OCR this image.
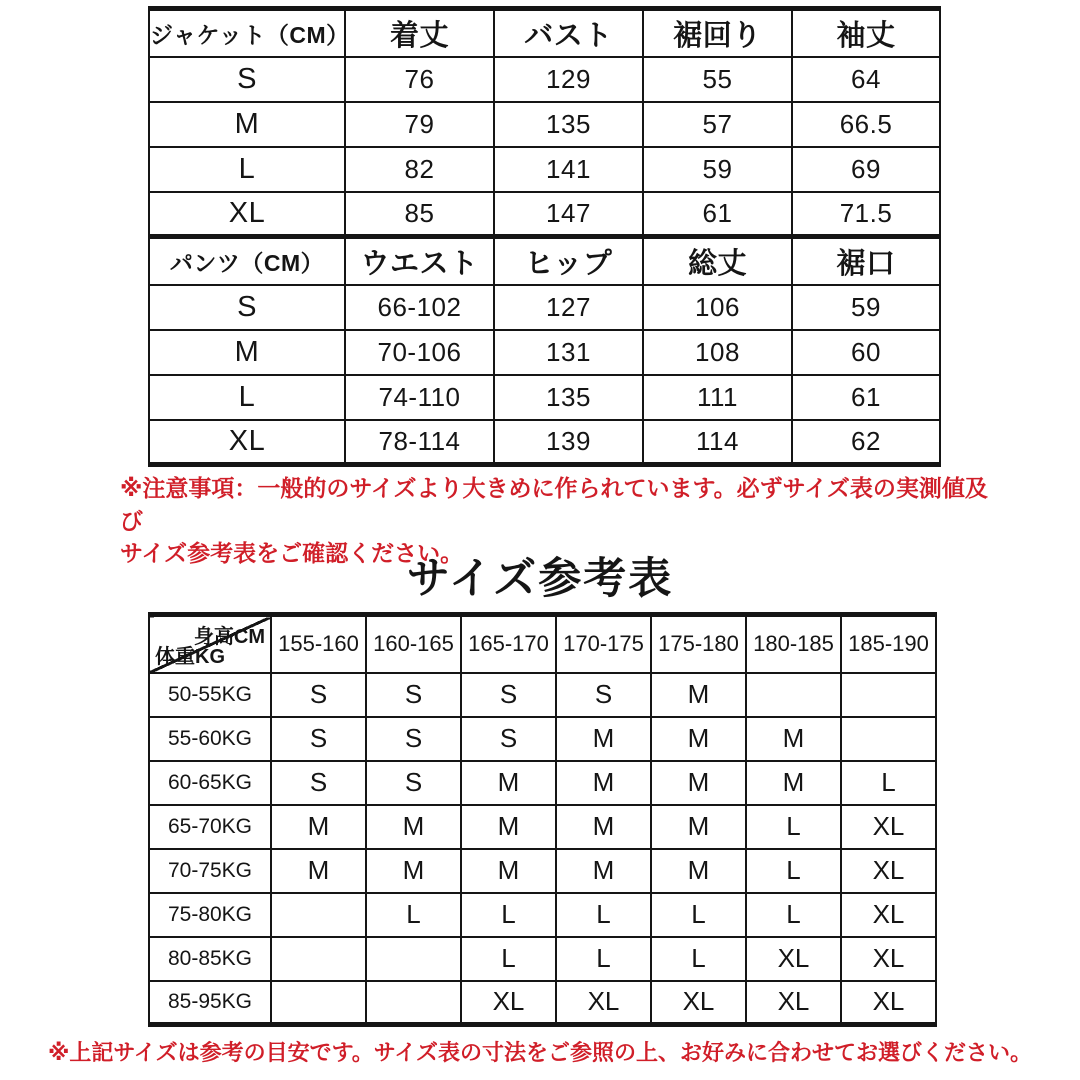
ジャケット（CM）	着丈	バスト	裾回り	袖丈
S	76	129	55	64
M	79	135	57	66.5
L	82	141	59	69
XL	85	147	61	71.5
パンツ（CM）	ウエスト	ヒップ	総丈	裾口
S	66-102	127	106	59
M	70-106	131	108	60
L	74-110	135	111	61
XL	78-114	139	114	62
※注意事項：一般的のサイズより大きめに作られています。必ずサイズ表の実測値及び
サイズ参考表をご確認ください。
サイズ参考表
身高CM
体重KG	155-160	160-165	165-170	170-175	175-180	180-185	185-190
50-55KG	S	S	S	S	M		
55-60KG	S	S	S	M	M	M	
60-65KG	S	S	M	M	M	M	L
65-70KG	M	M	M	M	M	L	XL
70-75KG	M	M	M	M	M	L	XL
75-80KG		L	L	L	L	L	XL
80-85KG			L	L	L	XL	XL
85-95KG			XL	XL	XL	XL	XL
※上記サイズは参考の目安です。サイズ表の寸法をご参照の上、お好みに合わせてお選びください。
